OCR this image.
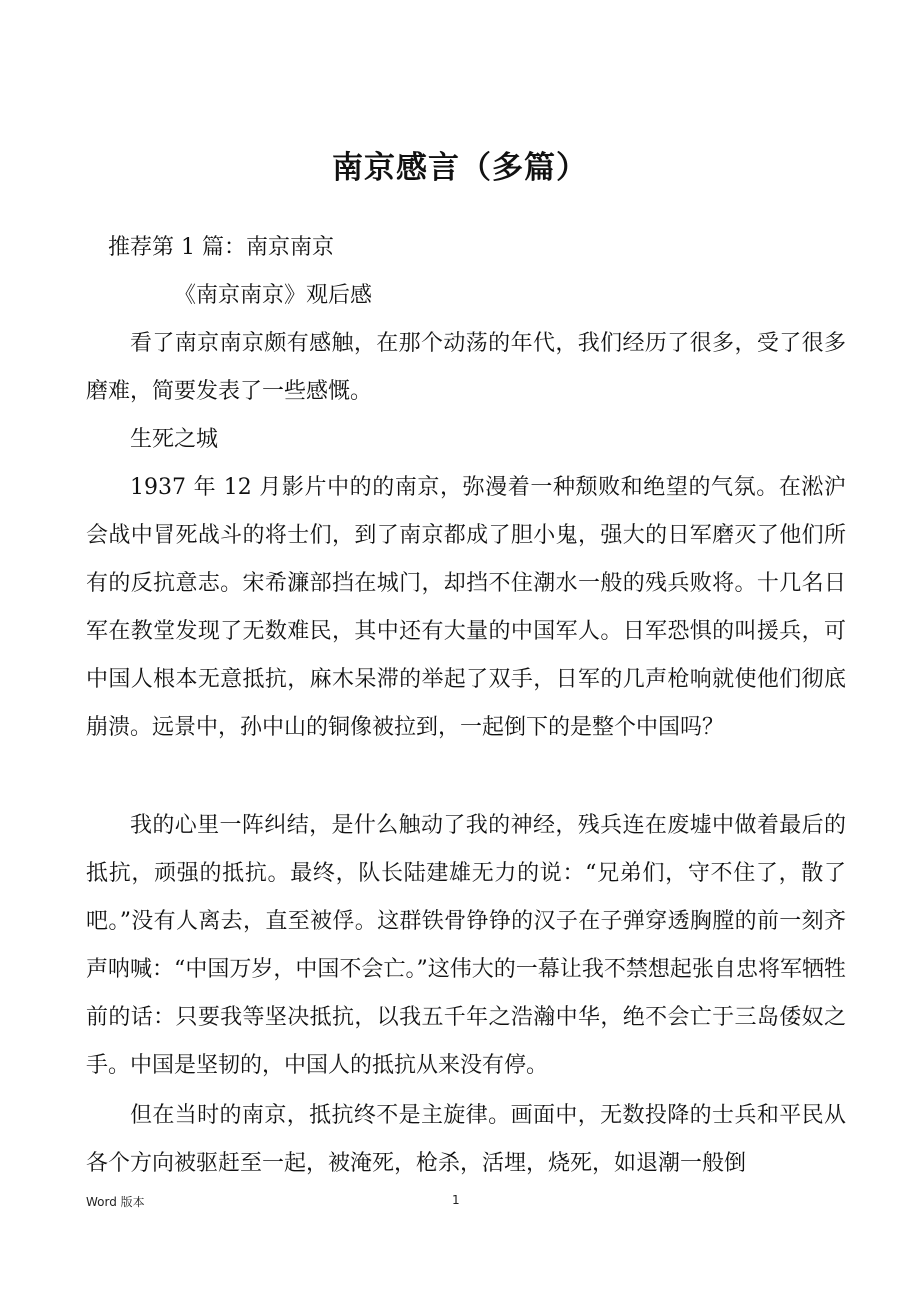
南京感言（多篇）
推荐第 1 篇：南京南京
《南京南京》观后感
看了南京南京颇有感触，在那个动荡的年代，我们经历了很多，受了很多磨难，简要发表了一些感慨。
生死之城
1937 年 12 月影片中的的南京，弥漫着一种颓败和绝望的气氛。在淞沪会战中冒死战斗的将士们，到了南京都成了胆小鬼，强大的日军磨灭了他们所有的反抗意志。宋希濂部挡在城门，却挡不住潮水一般的残兵败将。十几名日军在教堂发现了无数难民，其中还有大量的中国军人。日军恐惧的叫援兵，可中国人根本无意抵抗，麻木呆滞的举起了双手，日军的几声枪响就使他们彻底崩溃。远景中，孙中山的铜像被拉到，一起倒下的是整个中国吗？
我的心里一阵纠结，是什么触动了我的神经，残兵连在废墟中做着最后的抵抗，顽强的抵抗。最终，队长陆建雄无力的说：“兄弟们，守不住了，散了吧。”没有人离去，直至被俘。这群铁骨铮铮的汉子在子弹穿透胸膛的前一刻齐声呐喊：“中国万岁，中国不会亡。”这伟大的一幕让我不禁想起张自忠将军牺牲前的话：只要我等坚决抵抗，以我五千年之浩瀚中华，绝不会亡于三岛倭奴之手。中国是坚韧的，中国人的抵抗从来没有停。
但在当时的南京，抵抗终不是主旋律。画面中，无数投降的士兵和平民从各个方向被驱赶至一起，被淹死，枪杀，活埋，烧死，如退潮一般倒
Word 版本	1
